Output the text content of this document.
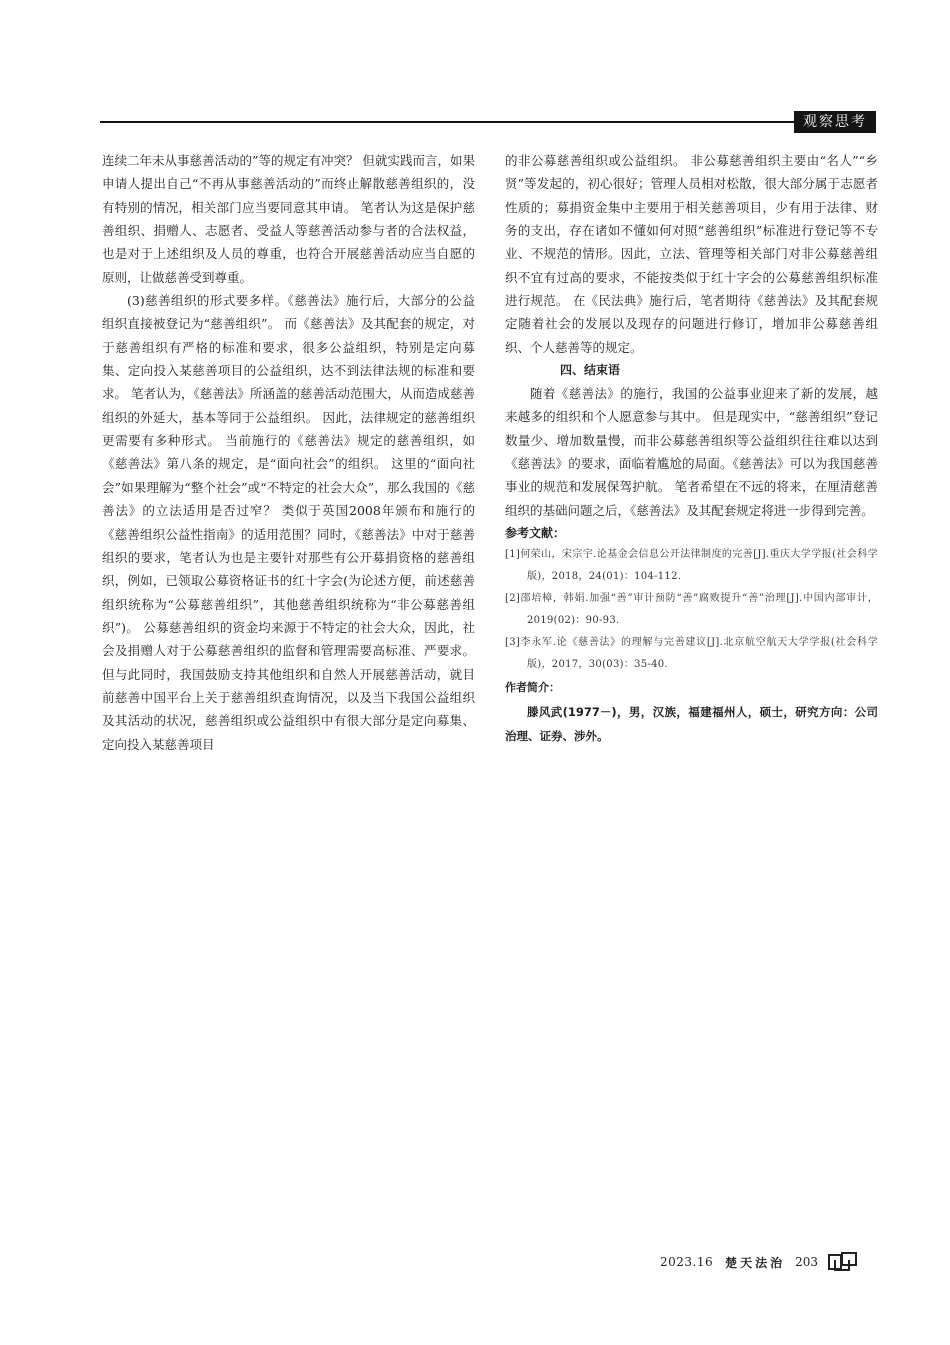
观察思考

连续二年未从事慈善活动的”等的规定有冲突？ 但就实践而言，如果申请人提出自己“不再从事慈善活动的”而终止解散慈善组织的，没有特别的情况，相关部门应当要同意其申请。 笔者认为这是保护慈善组织、捐赠人、志愿者、受益人等慈善活动参与者的合法权益，也是对于上述组织及人员的尊重，也符合开展慈善活动应当自愿的原则，让做慈善受到尊重。

(3)慈善组织的形式要多样。《慈善法》施行后，大部分的公益组织直接被登记为“慈善组织”。 而《慈善法》及其配套的规定，对于慈善组织有严格的标准和要求，很多公益组织，特别是定向募集、定向投入某慈善项目的公益组织，达不到法律法规的标准和要求。 笔者认为，《慈善法》所涵盖的慈善活动范围大，从而造成慈善组织的外延大，基本等同于公益组织。 因此，法律规定的慈善组织更需要有多种形式。 当前施行的《慈善法》规定的慈善组织，如《慈善法》第八条的规定，是“面向社会”的组织。 这里的“面向社会”如果理解为“整个社会”或“不特定的社会大众”，那么我国的《慈善法》的立法适用是否过窄？ 类似于英国2008年颁布和施行的《慈善组织公益性指南》的适用范围？同时，《慈善法》中对于慈善组织的要求，笔者认为也是主要针对那些有公开募捐资格的慈善组织，例如，已领取公募资格证书的红十字会(为论述方便，前述慈善组织统称为“公募慈善组织”，其他慈善组织统称为“非公募慈善组织”)。 公募慈善组织的资金均来源于不特定的社会大众，因此，社会及捐赠人对于公募慈善组织的监督和管理需要高标准、严要求。 但与此同时，我国鼓励支持其他组织和自然人开展慈善活动，就目前慈善中国平台上关于慈善组织查询情况，以及当下我国公益组织及其活动的状况，慈善组织或公益组织中有很大部分是定向募集、定向投入某慈善项目

的非公募慈善组织或公益组织。 非公募慈善组织主要由“名人”“乡贤”等发起的，初心很好；管理人员相对松散，很大部分属于志愿者性质的；募捐资金集中主要用于相关慈善项目，少有用于法律、财务的支出，存在诸如不懂如何对照“慈善组织”标准进行登记等不专业、不规范的情形。因此，立法、管理等相关部门对非公募慈善组织不宜有过高的要求，不能按类似于红十字会的公募慈善组织标准进行规范。 在《民法典》施行后，笔者期待《慈善法》及其配套规定随着社会的发展以及现存的问题进行修订，增加非公募慈善组织、个人慈善等的规定。

四、结束语

随着《慈善法》的施行，我国的公益事业迎来了新的发展，越来越多的组织和个人愿意参与其中。 但是现实中，“慈善组织”登记数量少、增加数量慢，而非公募慈善组织等公益组织往往难以达到《慈善法》的要求，面临着尴尬的局面。《慈善法》可以为我国慈善事业的规范和发展保驾护航。 笔者希望在不远的将来，在厘清慈善组织的基础问题之后，《慈善法》及其配套规定将进一步得到完善。

参考文献：

[1]何荣山，宋宗宇.论基金会信息公开法律制度的完善[J].重庆大学学报(社会科学版)，2018，24(01)：104-112.

[2]邵培樟，韩娟.加强“善”审计预防“善”腐败提升“善”治理[J].中国内部审计，2019(02)：90-93.

[3]李永军.论《慈善法》的理解与完善建议[J].北京航空航天大学学报(社会科学版)，2017，30(03)：35-40.

作者简介：

滕风武(1977－)，男，汉族，福建福州人，硕士，研究方向：公司治理、证券、涉外。

2023.16 楚天法治 203
